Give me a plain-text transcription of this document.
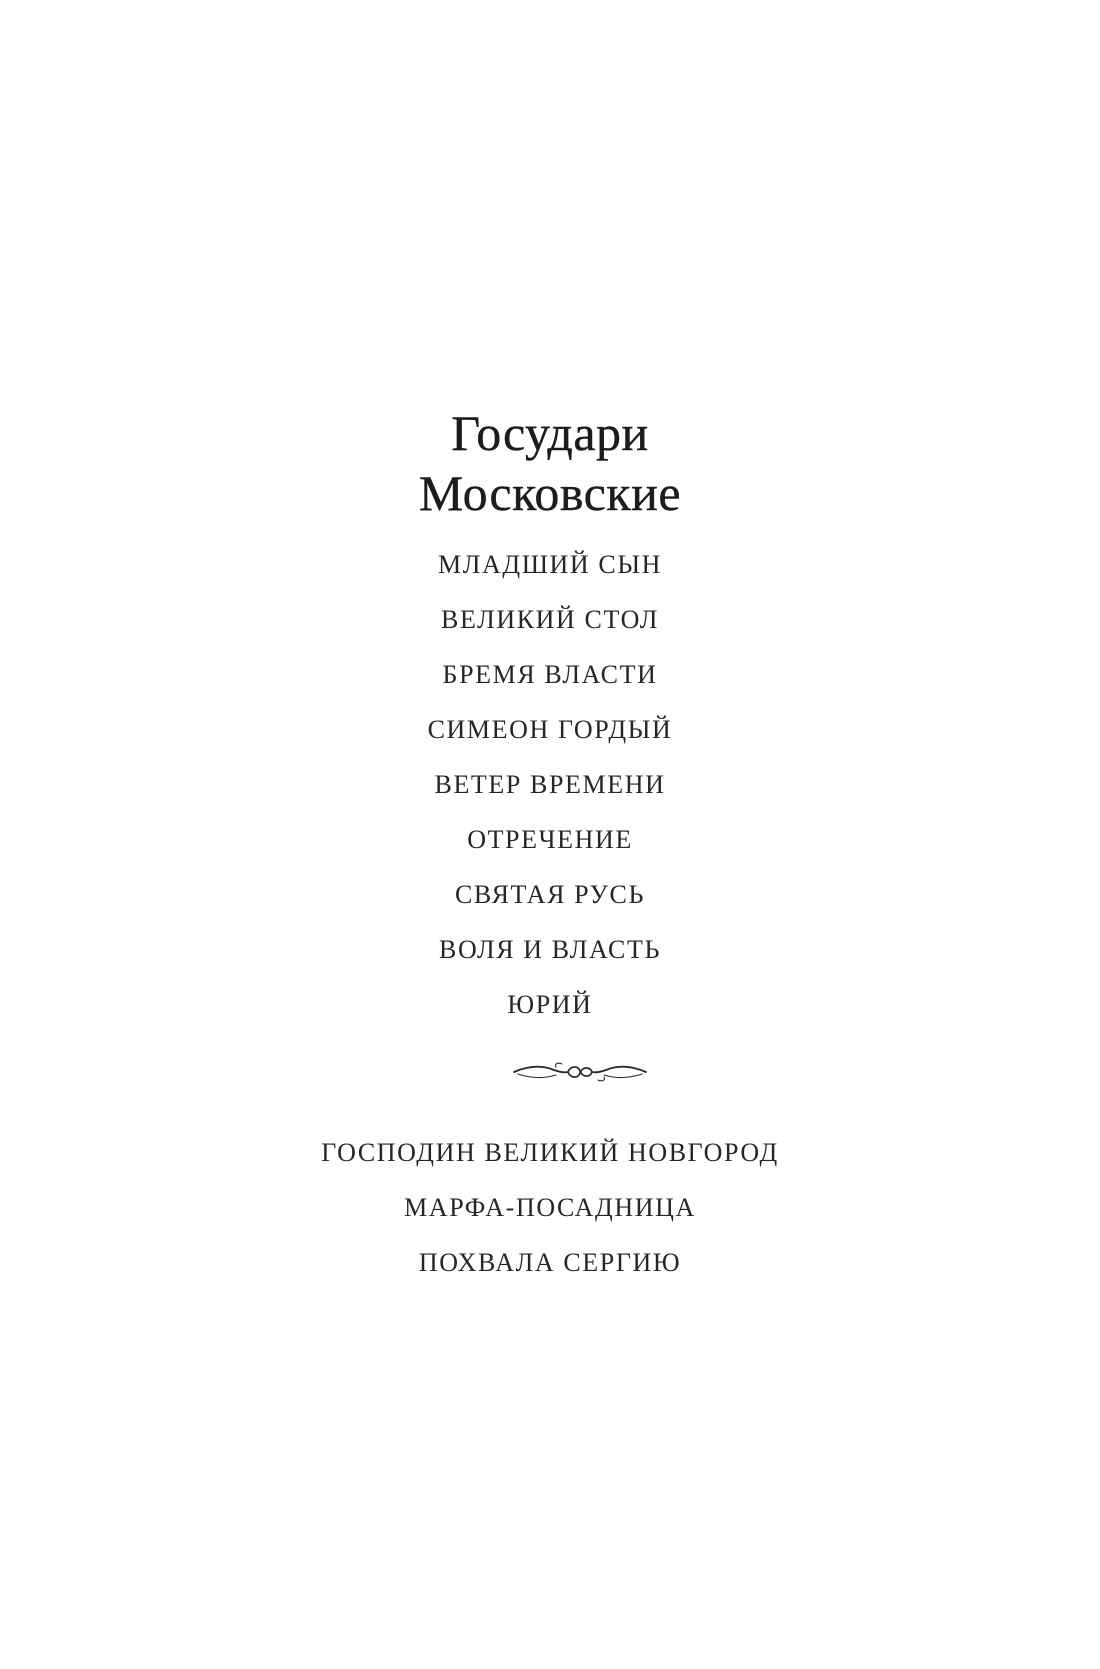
Государи
Московские
МЛАДШИЙ СЫН
ВЕЛИКИЙ СТОЛ
БРЕМЯ ВЛАСТИ
СИМЕОН ГОРДЫЙ
ВЕТЕР ВРЕМЕНИ
ОТРЕЧЕНИЕ
СВЯТАЯ РУСЬ
ВОЛЯ И ВЛАСТЬ
ЮРИЙ
ГОСПОДИН ВЕЛИКИЙ НОВГОРОД
МАРФА-ПОСАДНИЦА
ПОХВАЛА СЕРГИЮ
